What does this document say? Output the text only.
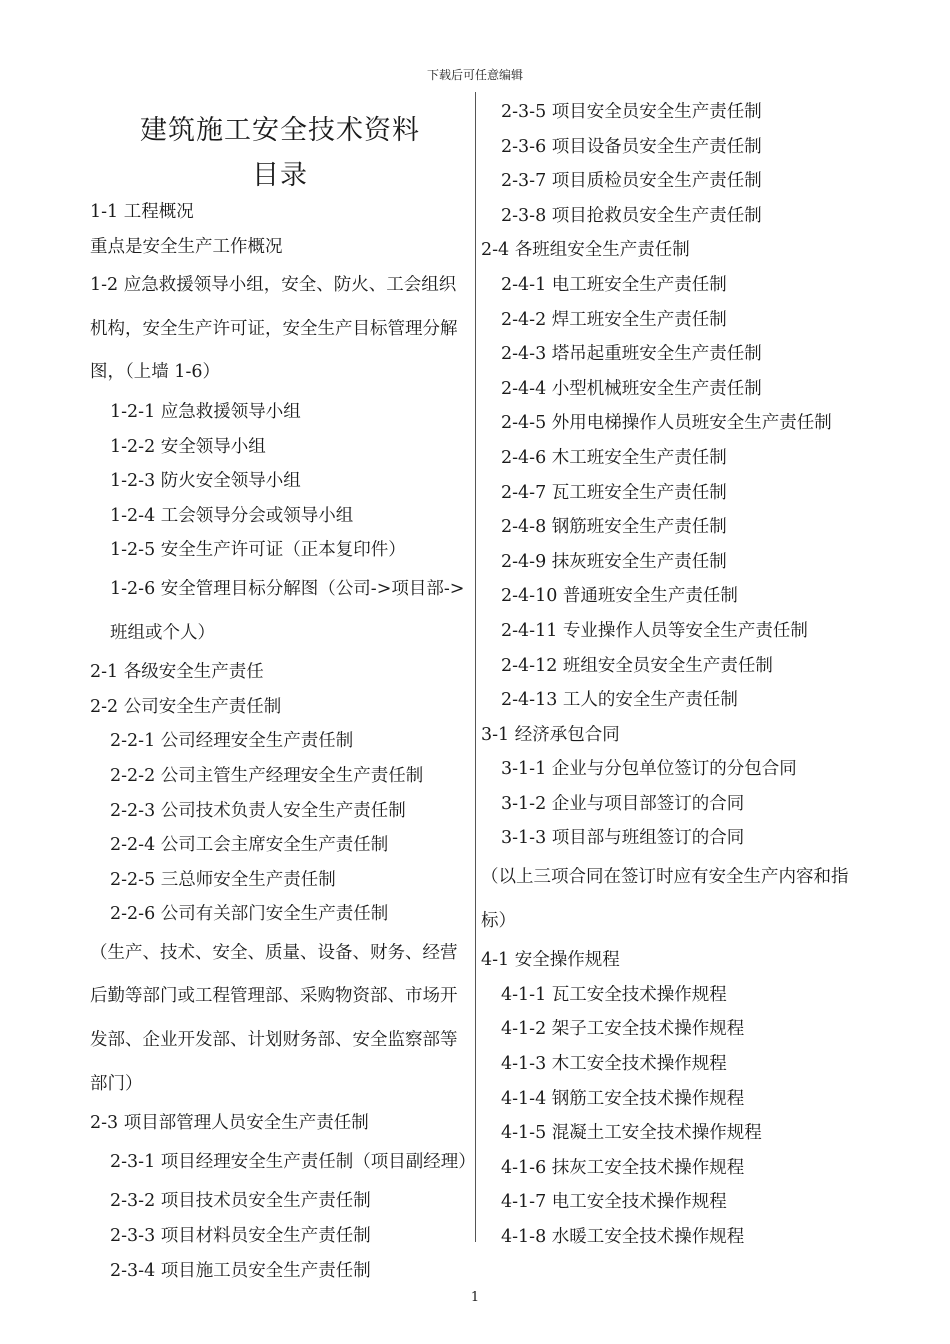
下载后可任意编辑
建筑施工安全技术资料
目录
1-1 工程概况
重点是安全生产工作概况
1-2 应急救援领导小组，安全、防火、工会组织机构，安全生产许可证，安全生产目标管理分解图，（上墙 1-6）
1-2-1 应急救援领导小组
1-2-2 安全领导小组
1-2-3 防火安全领导小组
1-2-4 工会领导分会或领导小组
1-2-5 安全生产许可证（正本复印件）
1-2-6 安全管理目标分解图（公司->项目部->班组或个人）
2-1 各级安全生产责任
2-2 公司安全生产责任制
2-2-1 公司经理安全生产责任制
2-2-2 公司主管生产经理安全生产责任制
2-2-3 公司技术负责人安全生产责任制
2-2-4 公司工会主席安全生产责任制
2-2-5 三总师安全生产责任制
2-2-6 公司有关部门安全生产责任制
（生产、技术、安全、质量、设备、财务、经营后勤等部门或工程管理部、采购物资部、市场开发部、企业开发部、计划财务部、安全监察部等部门）
2-3 项目部管理人员安全生产责任制
2-3-1 项目经理安全生产责任制（项目副经理）
2-3-2 项目技术员安全生产责任制
2-3-3 项目材料员安全生产责任制
2-3-4 项目施工员安全生产责任制
2-3-5 项目安全员安全生产责任制
2-3-6 项目设备员安全生产责任制
2-3-7 项目质检员安全生产责任制
2-3-8 项目抢救员安全生产责任制
2-4 各班组安全生产责任制
2-4-1 电工班安全生产责任制
2-4-2 焊工班安全生产责任制
2-4-3 塔吊起重班安全生产责任制
2-4-4 小型机械班安全生产责任制
2-4-5 外用电梯操作人员班安全生产责任制
2-4-6 木工班安全生产责任制
2-4-7 瓦工班安全生产责任制
2-4-8 钢筋班安全生产责任制
2-4-9 抹灰班安全生产责任制
2-4-10 普通班安全生产责任制
2-4-11 专业操作人员等安全生产责任制
2-4-12 班组安全员安全生产责任制
2-4-13 工人的安全生产责任制
3-1 经济承包合同
3-1-1 企业与分包单位签订的分包合同
3-1-2 企业与项目部签订的合同
3-1-3 项目部与班组签订的合同
（以上三项合同在签订时应有安全生产内容和指标）
4-1 安全操作规程
4-1-1 瓦工安全技术操作规程
4-1-2 架子工安全技术操作规程
4-1-3 木工安全技术操作规程
4-1-4 钢筋工安全技术操作规程
4-1-5 混凝土工安全技术操作规程
4-1-6 抹灰工安全技术操作规程
4-1-7 电工安全技术操作规程
4-1-8 水暖工安全技术操作规程
1
